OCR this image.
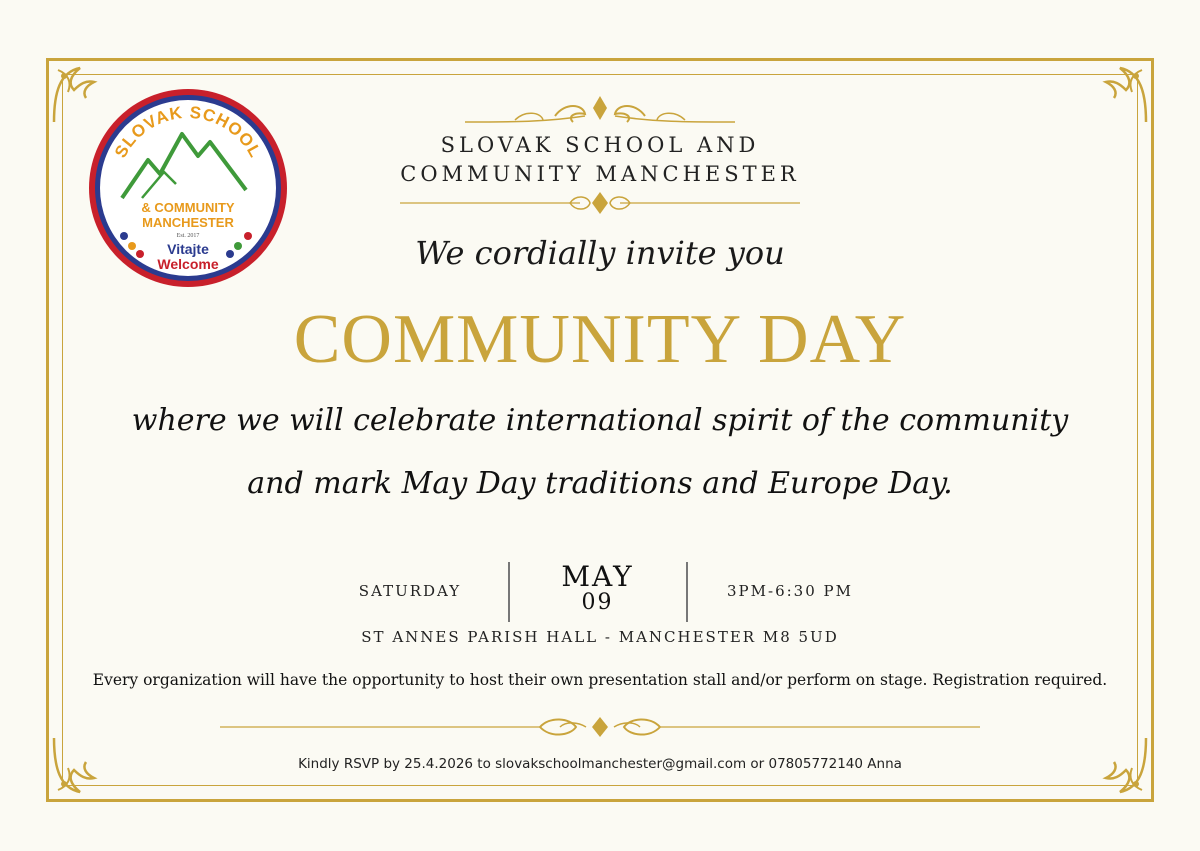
SLOVAK SCHOOL
& COMMUNITY
MANCHESTER
Est. 2017
Vitajte
Welcome
SLOVAK SCHOOL AND
COMMUNITY MANCHESTER
We cordially invite you
COMMUNITY DAY
where we will celebrate international spirit of the community
and mark May Day traditions and Europe Day.
SATURDAY	MAY
09	3PM-6:30 PM
ST ANNES PARISH HALL - MANCHESTER M8 5UD
Every organization will have the opportunity to host their own presentation stall and/or perform on stage. Registration required.
Kindly RSVP by 25.4.2026 to slovakschoolmanchester@gmail.com or 07805772140 Anna
